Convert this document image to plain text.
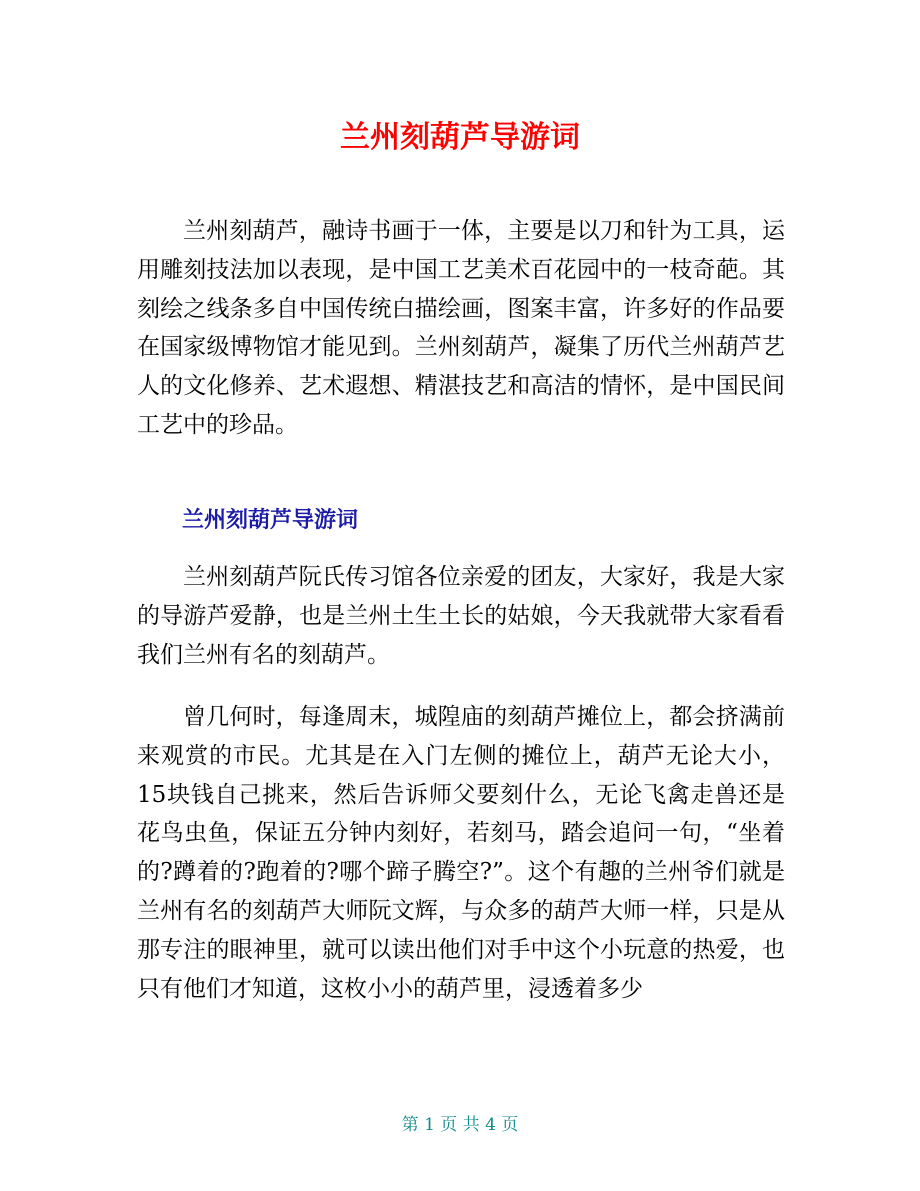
兰州刻葫芦导游词

兰州刻葫芦，融诗书画于一体，主要是以刀和针为工具，运用雕刻技法加以表现，是中国工艺美术百花园中的一枝奇葩。其刻绘之线条多自中国传统白描绘画，图案丰富，许多好的作品要在国家级博物馆才能见到。兰州刻葫芦，凝集了历代兰州葫芦艺人的文化修养、艺术遐想、精湛技艺和高洁的情怀，是中国民间工艺中的珍品。

兰州刻葫芦导游词

兰州刻葫芦阮氏传习馆各位亲爱的团友，大家好，我是大家的导游芦爱静，也是兰州土生土长的姑娘，今天我就带大家看看我们兰州有名的刻葫芦。

曾几何时，每逢周末，城隍庙的刻葫芦摊位上，都会挤满前来观赏的市民。尤其是在入门左侧的摊位上，葫芦无论大小，15块钱自己挑来，然后告诉师父要刻什么，无论飞禽走兽还是花鸟虫鱼，保证五分钟内刻好，若刻马，踏会追问一句，“坐着的?蹲着的?跑着的?哪个蹄子腾空?”。这个有趣的兰州爷们就是兰州有名的刻葫芦大师阮文辉，与众多的葫芦大师一样，只是从那专注的眼神里，就可以读出他们对手中这个小玩意的热爱，也只有他们才知道，这枚小小的葫芦里，浸透着多少

第 1 页 共 4 页
